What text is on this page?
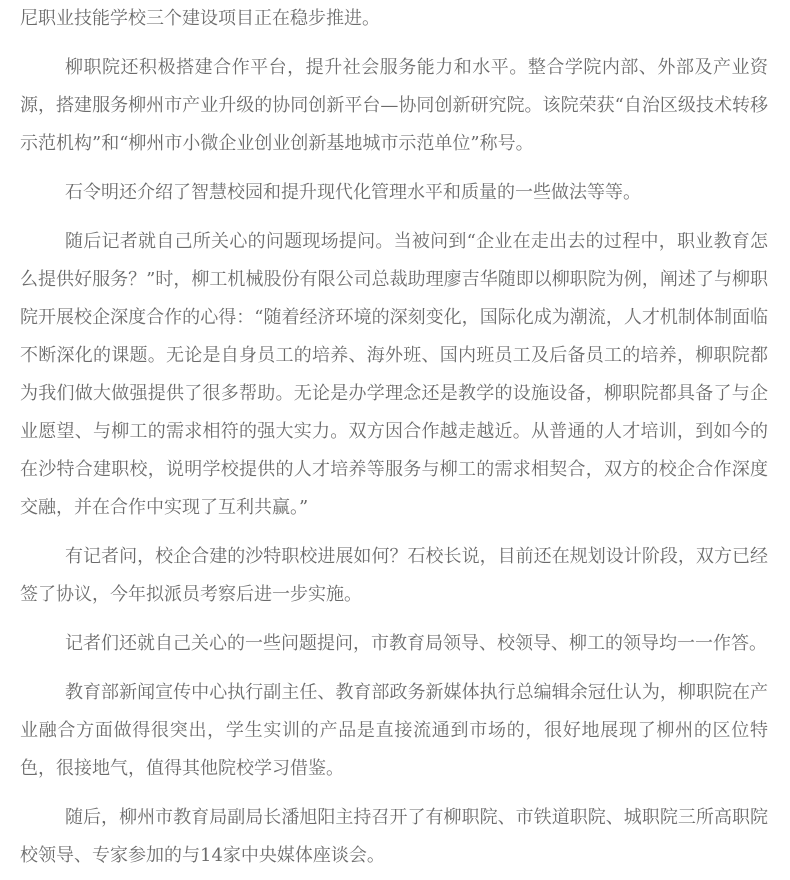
尼职业技能学校三个建设项目正在稳步推进。

柳职院还积极搭建合作平台，提升社会服务能力和水平。整合学院内部、外部及产业资源，搭建服务柳州市产业升级的协同创新平台—协同创新研究院。该院荣获“自治区级技术转移示范机构”和“柳州市小微企业创业创新基地城市示范单位”称号。

石令明还介绍了智慧校园和提升现代化管理水平和质量的一些做法等等。

随后记者就自己所关心的问题现场提问。当被问到“企业在走出去的过程中，职业教育怎么提供好服务？”时，柳工机械股份有限公司总裁助理廖吉华随即以柳职院为例，阐述了与柳职院开展校企深度合作的心得：“随着经济环境的深刻变化，国际化成为潮流，人才机制体制面临不断深化的课题。无论是自身员工的培养、海外班、国内班员工及后备员工的培养，柳职院都为我们做大做强提供了很多帮助。无论是办学理念还是教学的设施设备，柳职院都具备了与企业愿望、与柳工的需求相符的强大实力。双方因合作越走越近。从普通的人才培训，到如今的在沙特合建职校，说明学校提供的人才培养等服务与柳工的需求相契合，双方的校企合作深度交融，并在合作中实现了互利共赢。”

有记者问，校企合建的沙特职校进展如何？石校长说，目前还在规划设计阶段，双方已经签了协议，今年拟派员考察后进一步实施。

记者们还就自己关心的一些问题提问，市教育局领导、校领导、柳工的领导均一一作答。

教育部新闻宣传中心执行副主任、教育部政务新媒体执行总编辑余冠仕认为，柳职院在产业融合方面做得很突出，学生实训的产品是直接流通到市场的，很好地展现了柳州的区位特色，很接地气，值得其他院校学习借鉴。

随后，柳州市教育局副局长潘旭阳主持召开了有柳职院、市铁道职院、城职院三所高职院校领导、专家参加的与14家中央媒体座谈会。
